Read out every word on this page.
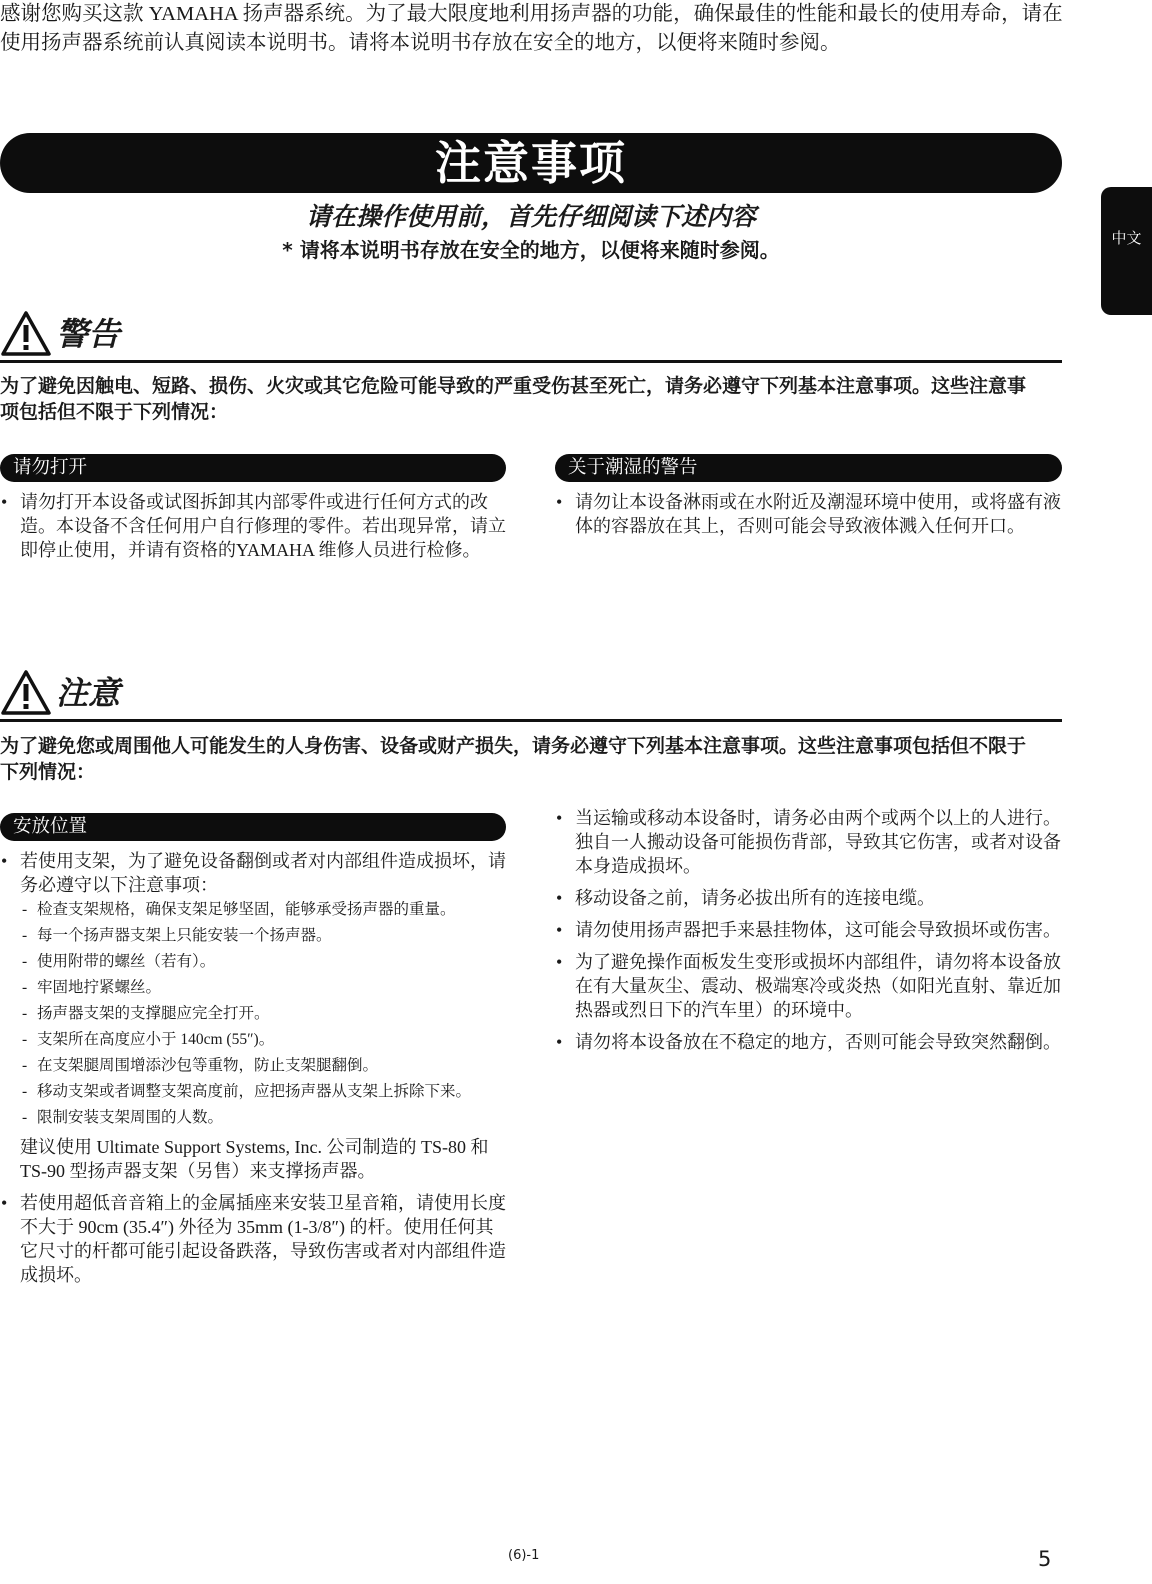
感谢您购买这款 YAMAHA 扬声器系统。为了最大限度地利用扬声器的功能，确保最佳的性能和最长的使用寿命，请在使用扬声器系统前认真阅读本说明书。请将本说明书存放在安全的地方，以便将来随时参阅。
注意事项
请在操作使用前，首先仔细阅读下述内容
* 请将本说明书存放在安全的地方，以便将来随时参阅。	中文
警告
为了避免因触电、短路、损伤、火灾或其它危险可能导致的严重受伤甚至死亡，请务必遵守下列基本注意事项。这些注意事项包括但不限于下列情况：
请勿打开
• 请勿打开本设备或试图拆卸其内部零件或进行任何方式的改造。本设备不含任何用户自行修理的零件。若出现异常，请立即停止使用，并请有资格的YAMAHA 维修人员进行检修。
关于潮湿的警告
• 请勿让本设备淋雨或在水附近及潮湿环境中使用，或将盛有液体的容器放在其上，否则可能会导致液体溅入任何开口。
注意
为了避免您或周围他人可能发生的人身伤害、设备或财产损失，请务必遵守下列基本注意事项。这些注意事项包括但不限于下列情况：
安放位置
• 若使用支架，为了避免设备翻倒或者对内部组件造成损坏，请务必遵守以下注意事项：
- 检查支架规格，确保支架足够坚固，能够承受扬声器的重量。
- 每一个扬声器支架上只能安装一个扬声器。
- 使用附带的螺丝（若有）。
- 牢固地拧紧螺丝。
- 扬声器支架的支撑腿应完全打开。
- 支架所在高度应小于 140cm (55″)。
- 在支架腿周围增添沙包等重物，防止支架腿翻倒。
- 移动支架或者调整支架高度前，应把扬声器从支架上拆除下来。
- 限制安装支架周围的人数。
建议使用 Ultimate Support Systems, Inc. 公司制造的 TS-80 和 TS-90 型扬声器支架（另售）来支撑扬声器。
• 若使用超低音音箱上的金属插座来安装卫星音箱，请使用长度不大于 90cm (35.4″) 外径为 35mm (1-3/8″) 的杆。使用任何其它尺寸的杆都可能引起设备跌落，导致伤害或者对内部组件造成损坏。
• 当运输或移动本设备时，请务必由两个或两个以上的人进行。独自一人搬动设备可能损伤背部，导致其它伤害，或者对设备本身造成损坏。
• 移动设备之前，请务必拔出所有的连接电缆。
• 请勿使用扬声器把手来悬挂物体，这可能会导致损坏或伤害。
• 为了避免操作面板发生变形或损坏内部组件，请勿将本设备放在有大量灰尘、震动、极端寒冷或炎热（如阳光直射、靠近加热器或烈日下的汽车里）的环境中。
• 请勿将本设备放在不稳定的地方，否则可能会导致突然翻倒。
(6)-1	5
